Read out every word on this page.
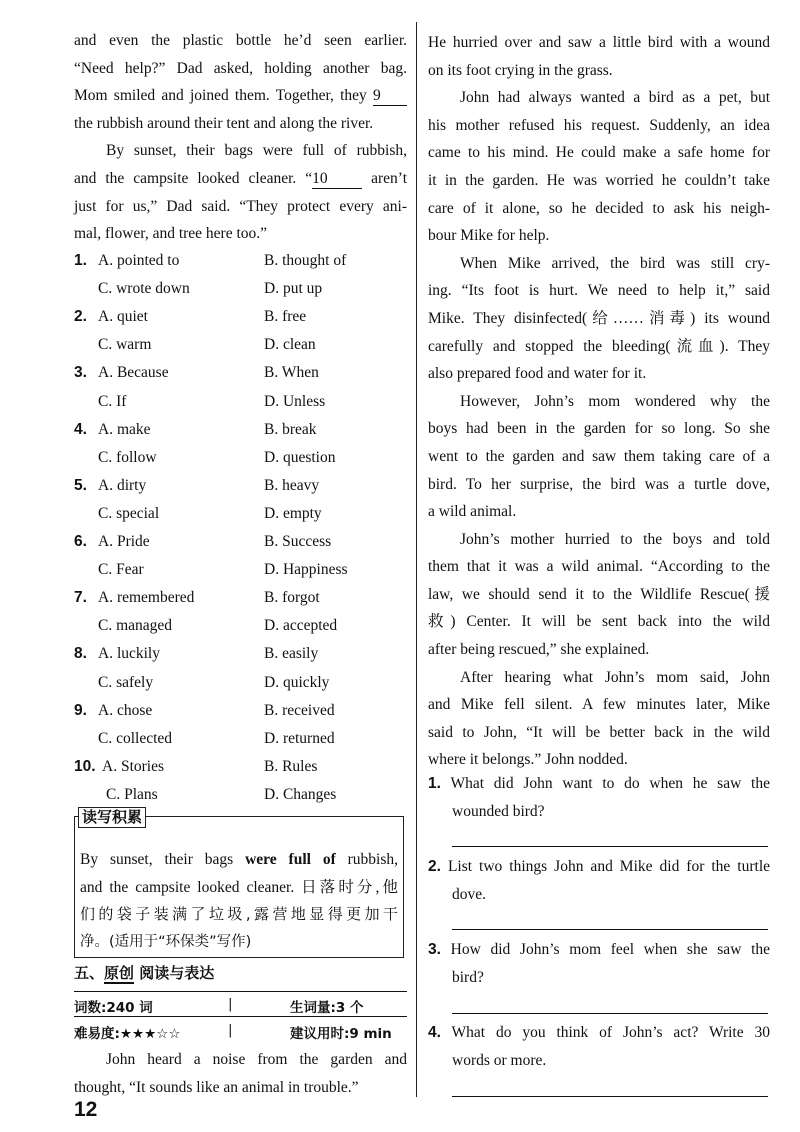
and even the plastic bottle he’d seen earlier.
“Need help?” Dad asked, holding another bag.
Mom smiled and joined them. Together, they 9
the rubbish around their tent and along the river.
By sunset, their bags were full of rubbish,
and the campsite looked cleaner. “10	aren’t
just for us,” Dad said. “They protect every ani-
mal, flower, and tree here too.”
1. A. pointed to	B. thought of
C. wrote down	D. put up
2. A. quiet	B. free
C. warm	D. clean
3. A. Because	B. When
C. If	D. Unless
4. A. make	B. break
C. follow	D. question
5. A. dirty	B. heavy
C. special	D. empty
6. A. Pride	B. Success
C. Fear	D. Happiness
7. A. remembered	B. forgot
C. managed	D. accepted
8. A. luckily	B. easily
C. safely	D. quickly
9. A. chose	B. received
C. collected	D. returned
10. A. Stories	B. Rules
C. Plans	D. Changes
读写积累
By sunset, their bags were full of rubbish,
and the campsite looked cleaner. 日落时分,他
们的袋子装满了垃圾,露营地显得更加干
净。(适用于“环保类”写作)
五、原创 阅读与表达
词数:240 词	|	生词量:3 个
难易度:★★★☆☆	|	建议用时:9 min
John heard a noise from the garden and
thought, “It sounds like an animal in trouble.”
12
He hurried over and saw a little bird with a wound
on its foot crying in the grass.
John had always wanted a bird as a pet, but
his mother refused his request. Suddenly, an idea
came to his mind. He could make a safe home for
it in the garden. He was worried he couldn’t take
care of it alone, so he decided to ask his neigh-
bour Mike for help.
When Mike arrived, the bird was still cry-
ing. “Its foot is hurt. We need to help it,” said
Mike. They disinfected(给……消毒) its wound
carefully and stopped the bleeding(流血). They
also prepared food and water for it.
However, John’s mom wondered why the
boys had been in the garden for so long. So she
went to the garden and saw them taking care of a
bird. To her surprise, the bird was a turtle dove,
a wild animal.
John’s mother hurried to the boys and told
them that it was a wild animal. “According to the
law, we should send it to the Wildlife Rescue(援
救) Center. It will be sent back into the wild
after being rescued,” she explained.
After hearing what John’s mom said, John
and Mike fell silent. A few minutes later, Mike
said to John, “It will be better back in the wild
where it belongs.” John nodded.
1. What did John want to do when he saw the
wounded bird?
2. List two things John and Mike did for the turtle
dove.
3. How did John’s mom feel when she saw the
bird?
4. What do you think of John’s act? Write 30
words or more.
